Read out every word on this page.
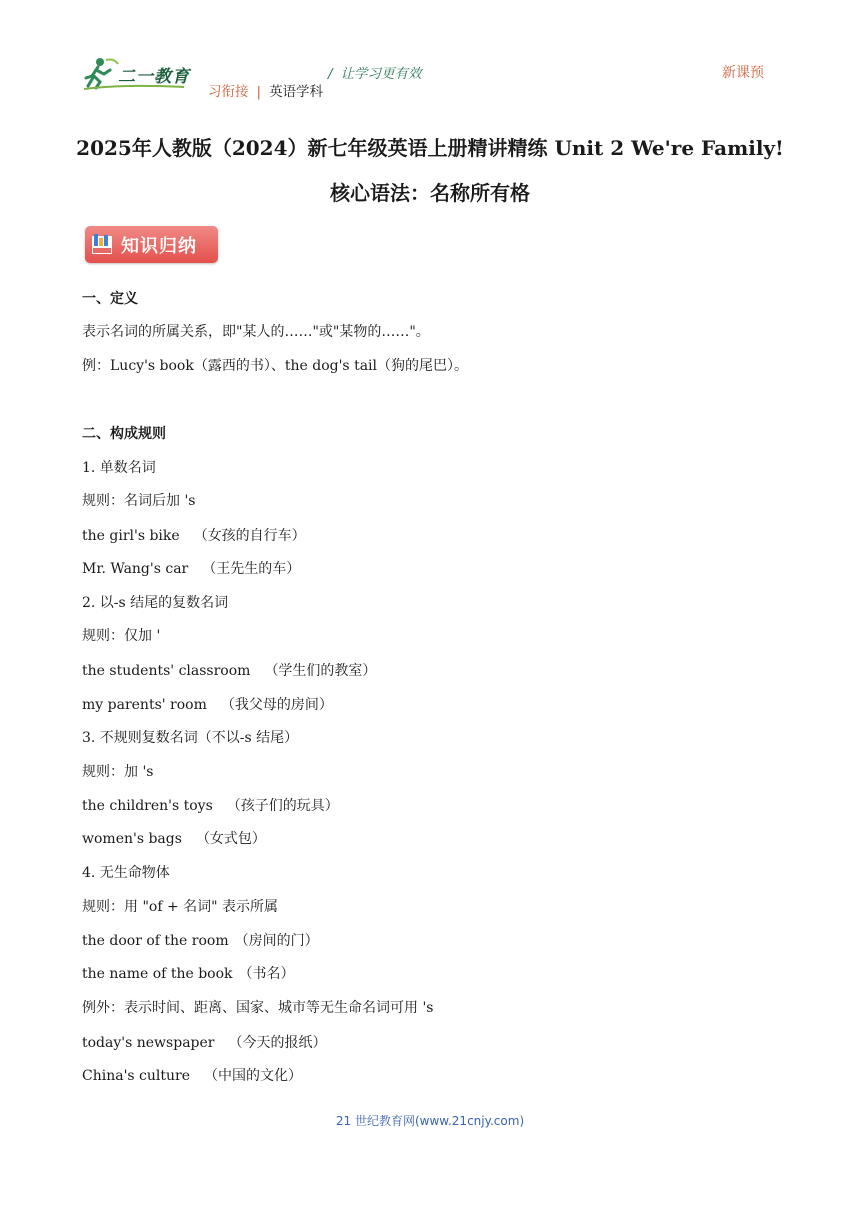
二一教育	/ 让学习更有效	新课预
习衔接 | 英语学科
2025年人教版（2024）新七年级英语上册精讲精练 Unit 2 We're Family!
核心语法：名称所有格
知识归纳
一、定义
表示名词的所属关系，即"某人的……"或"某物的……"。
例：Lucy's book（露西的书）、the dog's tail（狗的尾巴）。
二、构成规则
1. 单数名词
规则：名词后加 's
the girl's bike （女孩的自行车）
Mr. Wang's car （王先生的车）
2. 以-s 结尾的复数名词
规则：仅加 '
the students' classroom （学生们的教室）
my parents' room （我父母的房间）
3. 不规则复数名词（不以-s 结尾）
规则：加 's
the children's toys （孩子们的玩具）
women's bags （女式包）
4. 无生命物体
规则：用 "of + 名词" 表示所属
the door of the room （房间的门）
the name of the book （书名）
例外：表示时间、距离、国家、城市等无生命名词可用 's
today's newspaper （今天的报纸）
China's culture （中国的文化）
21 世纪教育网(www.21cnjy.com)
